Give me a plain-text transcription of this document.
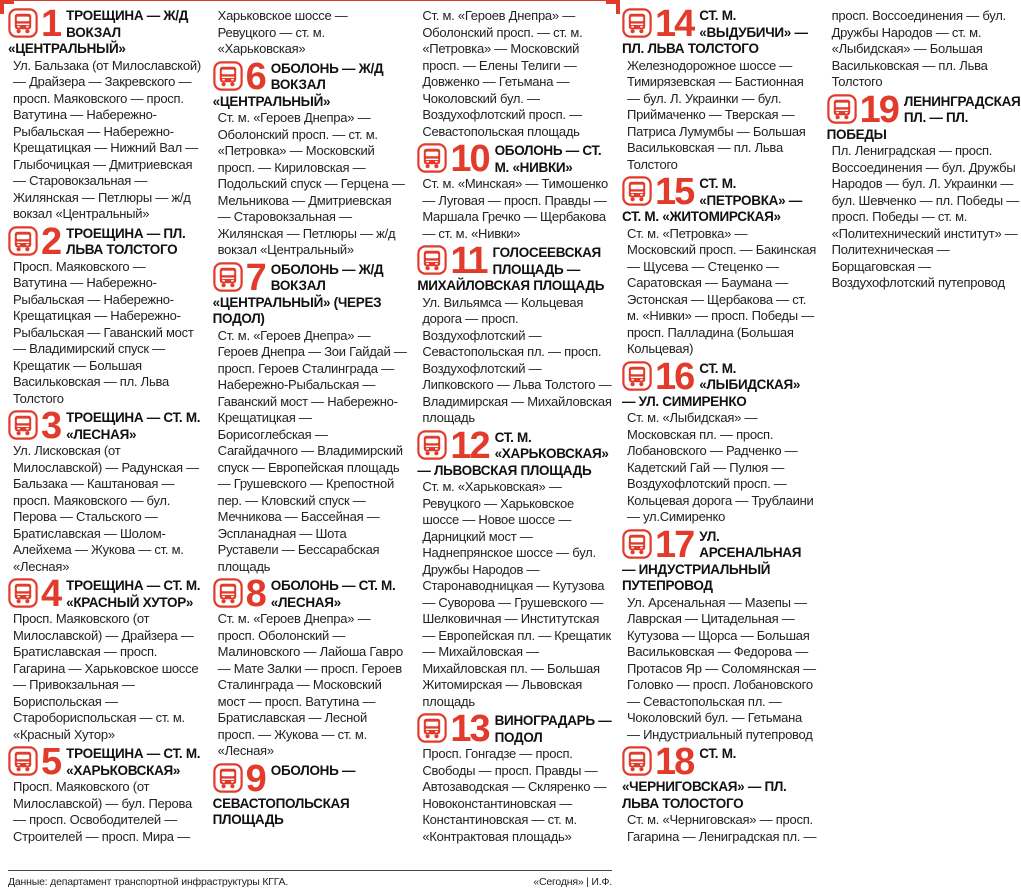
1 ТРОЕЩИНА — Ж/Д ВОКЗАЛ «ЦЕНТРАЛЬНЫЙ»

Ул. Бальзака (от Милославской) — Драйзера — Закревского — просп. Маяковского — просп. Ватутина — Набережно-Рыбальская — Набережно-Крещатицкая — Нижний Вал — Глыбочицкая — Дмитриевская — Старовокзальная — Жилянская — Петлюры — ж/д вокзал «Центральный»

2 ТРОЕЩИНА — ПЛ. ЛЬВА ТОЛСТОГО

Просп. Маяковского — Ватутина — Набережно-Рыбальская — Набережно-Крещатицкая — Набережно-Рыбальская — Гаванский мост — Владимирский спуск — Крещатик — Большая Васильковская — пл. Льва Толстого

3 ТРОЕЩИНА — СТ. М. «ЛЕСНАЯ»

Ул. Лисковская (от Милославской) — Радунская — Бальзака — Каштановая — просп. Маяковского — бул. Перова — Стальского — Братиславская — Шолом-Алейхема — Жукова — ст. м. «Лесная»

4 ТРОЕЩИНА — СТ. М. «КРАСНЫЙ ХУТОР»

Просп. Маяковского (от Милославской) — Драйзера — Братиславская — просп. Гагарина — Харьковское шоссе — Привокзальная — Бориспольская — Старобориспольская — ст. м. «Красный Хутор»

5 ТРОЕЩИНА — СТ. М. «ХАРЬКОВСКАЯ»

Просп. Маяковского (от Милославской) — бул. Перова — просп. Освободителей — Строителей — просп. Мира — Харьковское шоссе — Ревуцкого — ст. м. «Харьковская»

6 ОБОЛОНЬ — Ж/Д ВОКЗАЛ «ЦЕНТРАЛЬНЫЙ»

Ст. м. «Героев Днепра» — Оболонский просп. — ст. м. «Петровка» — Московский просп. — Кириловская — Подольский спуск — Герцена — Мельникова — Дмитриевская — Старовокзальная — Жилянская — Петлюры — ж/д вокзал «Центральный»

7 ОБОЛОНЬ — Ж/Д ВОКЗАЛ «ЦЕНТРАЛЬНЫЙ» (ЧЕРЕЗ ПОДОЛ)

Ст. м. «Героев Днепра» — Героев Днепра — Зои Гайдай — просп. Героев Сталинграда — Набережно-Рыбальская — Гаванский мост — Набережно-Крещатицкая — Борисоглебская — Сагайдачного — Владимирский спуск — Европейская площадь — Грушевского — Крепостной пер. — Кловский спуск — Мечникова — Бассейная — Эспланадная — Шота Руставели — Бессарабская площадь

8 ОБОЛОНЬ — СТ. М. «ЛЕСНАЯ»

Ст. м. «Героев Днепра» — просп. Оболонский — Малиновского — Лайоша Гавро — Мате Залки — просп. Героев Сталинграда — Московский мост — просп. Ватутина — Братиславская — Лесной просп. — Жукова — ст. м. «Лесная»

9 ОБОЛОНЬ — СЕВАСТОПОЛЬСКАЯ ПЛОЩАДЬ

Ст. м. «Героев Днепра» — Оболонский просп. — ст. м. «Петровка» — Московский просп. — Елены Телиги — Довженко — Гетьмана — Чоколовский бул. — Воздухофлотский просп. — Севастопольская площадь

10 ОБОЛОНЬ — СТ. М. «НИВКИ»

Ст. м. «Минская» — Тимошенко — Луговая — просп. Правды — Маршала Гречко — Щербакова — ст. м. «Нивки»

11 ГОЛОСЕЕВСКАЯ ПЛОЩАДЬ — МИХАЙЛОВСКАЯ ПЛОЩАДЬ

Ул. Вильямса — Кольцевая дорога — просп. Воздухофлотский — Севастопольская пл. — просп. Воздухофлотский — Липковского — Льва Толстого — Владимирская — Михайловская площадь

12 СТ. М. «ХАРЬКОВСКАЯ» — ЛЬВОВСКАЯ ПЛОЩАДЬ

Ст. м. «Харьковская» — Ревуцкого — Харьковское шоссе — Новое шоссе — Дарницкий мост — Наднепрянское шоссе — бул. Дружбы Народов — Старонаводницкая — Кутузова — Суворова — Грушевского — Шелковичная — Институтская — Европейская пл. — Крещатик — Михайловская — Михайловская пл. — Большая Житомирская — Львовская площадь

13 ВИНОГРАДАРЬ — ПОДОЛ

Просп. Гонгадзе — просп. Свободы — просп. Правды — Автозаводская — Скляренко — Новоконстантиновская — Константиновская — ст. м. «Контрактовая площадь»

14 СТ. М. «ВЫДУБИЧИ» — ПЛ. ЛЬВА ТОЛСТОГО

Железнодорожное шоссе — Тимирязевская — Бастионная — бул. Л. Украинки — бул. Приймаченко — Тверская — Патриса Лумумбы — Большая Васильковская — пл. Льва Толстого

15 СТ. М. «ПЕТРОВКА» — СТ. М. «ЖИТОМИРСКАЯ»

Ст. м. «Петровка» — Московский просп. — Бакинская — Щусева — Стеценко — Саратовская — Баумана — Эстонская — Щербакова — ст. м. «Нивки» — просп. Победы — просп. Палладина (Большая Кольцевая)

16 СТ. М. «ЛЫБИДСКАЯ» — УЛ. СИМИРЕНКО

Ст. м. «Лыбидская» — Московская пл. — просп. Лобановского — Радченко — Кадетский Гай — Пулюя — Воздухофлотский просп. — Кольцевая дорога — Трублаини — ул.Симиренко

17 УЛ. АРСЕНАЛЬНАЯ — ИНДУСТРИАЛЬНЫЙ ПУТЕПРОВОД

Ул. Арсенальная — Мазепы — Лаврская — Цитадельная — Кутузова — Щорса — Большая Васильковская — Федорова — Протасов Яр — Соломянская — Головко — просп. Лобановского — Севастопольская пл. — Чоколовский бул. — Гетьмана — Индустриальный путепровод

18 СТ. М. «ЧЕРНИГОВСКАЯ» — ПЛ. ЛЬВА ТОЛОСТОГО

Ст. м. «Черниговская» — просп. Гагарина — Лениградская пл. — просп. Воссоединения — бул. Дружбы Народов — ст. м. «Лыбидская» — Большая Васильковская — пл. Льва Толстого

19 ЛЕНИНГРАДСКАЯ ПЛ. — ПЛ. ПОБЕДЫ

Пл. Лениградская — просп. Воссоединения — бул. Дружбы Народов — бул. Л. Украинки — бул. Шевченко — пл. Победы — просп. Победы — ст. м. «Политехнический институт» — Политехническая — Борщаговская — Воздухофлотский путепровод

Данные: департамент транспортной инфраструктуры КГГА.	«Сегодня» | И.Ф.
